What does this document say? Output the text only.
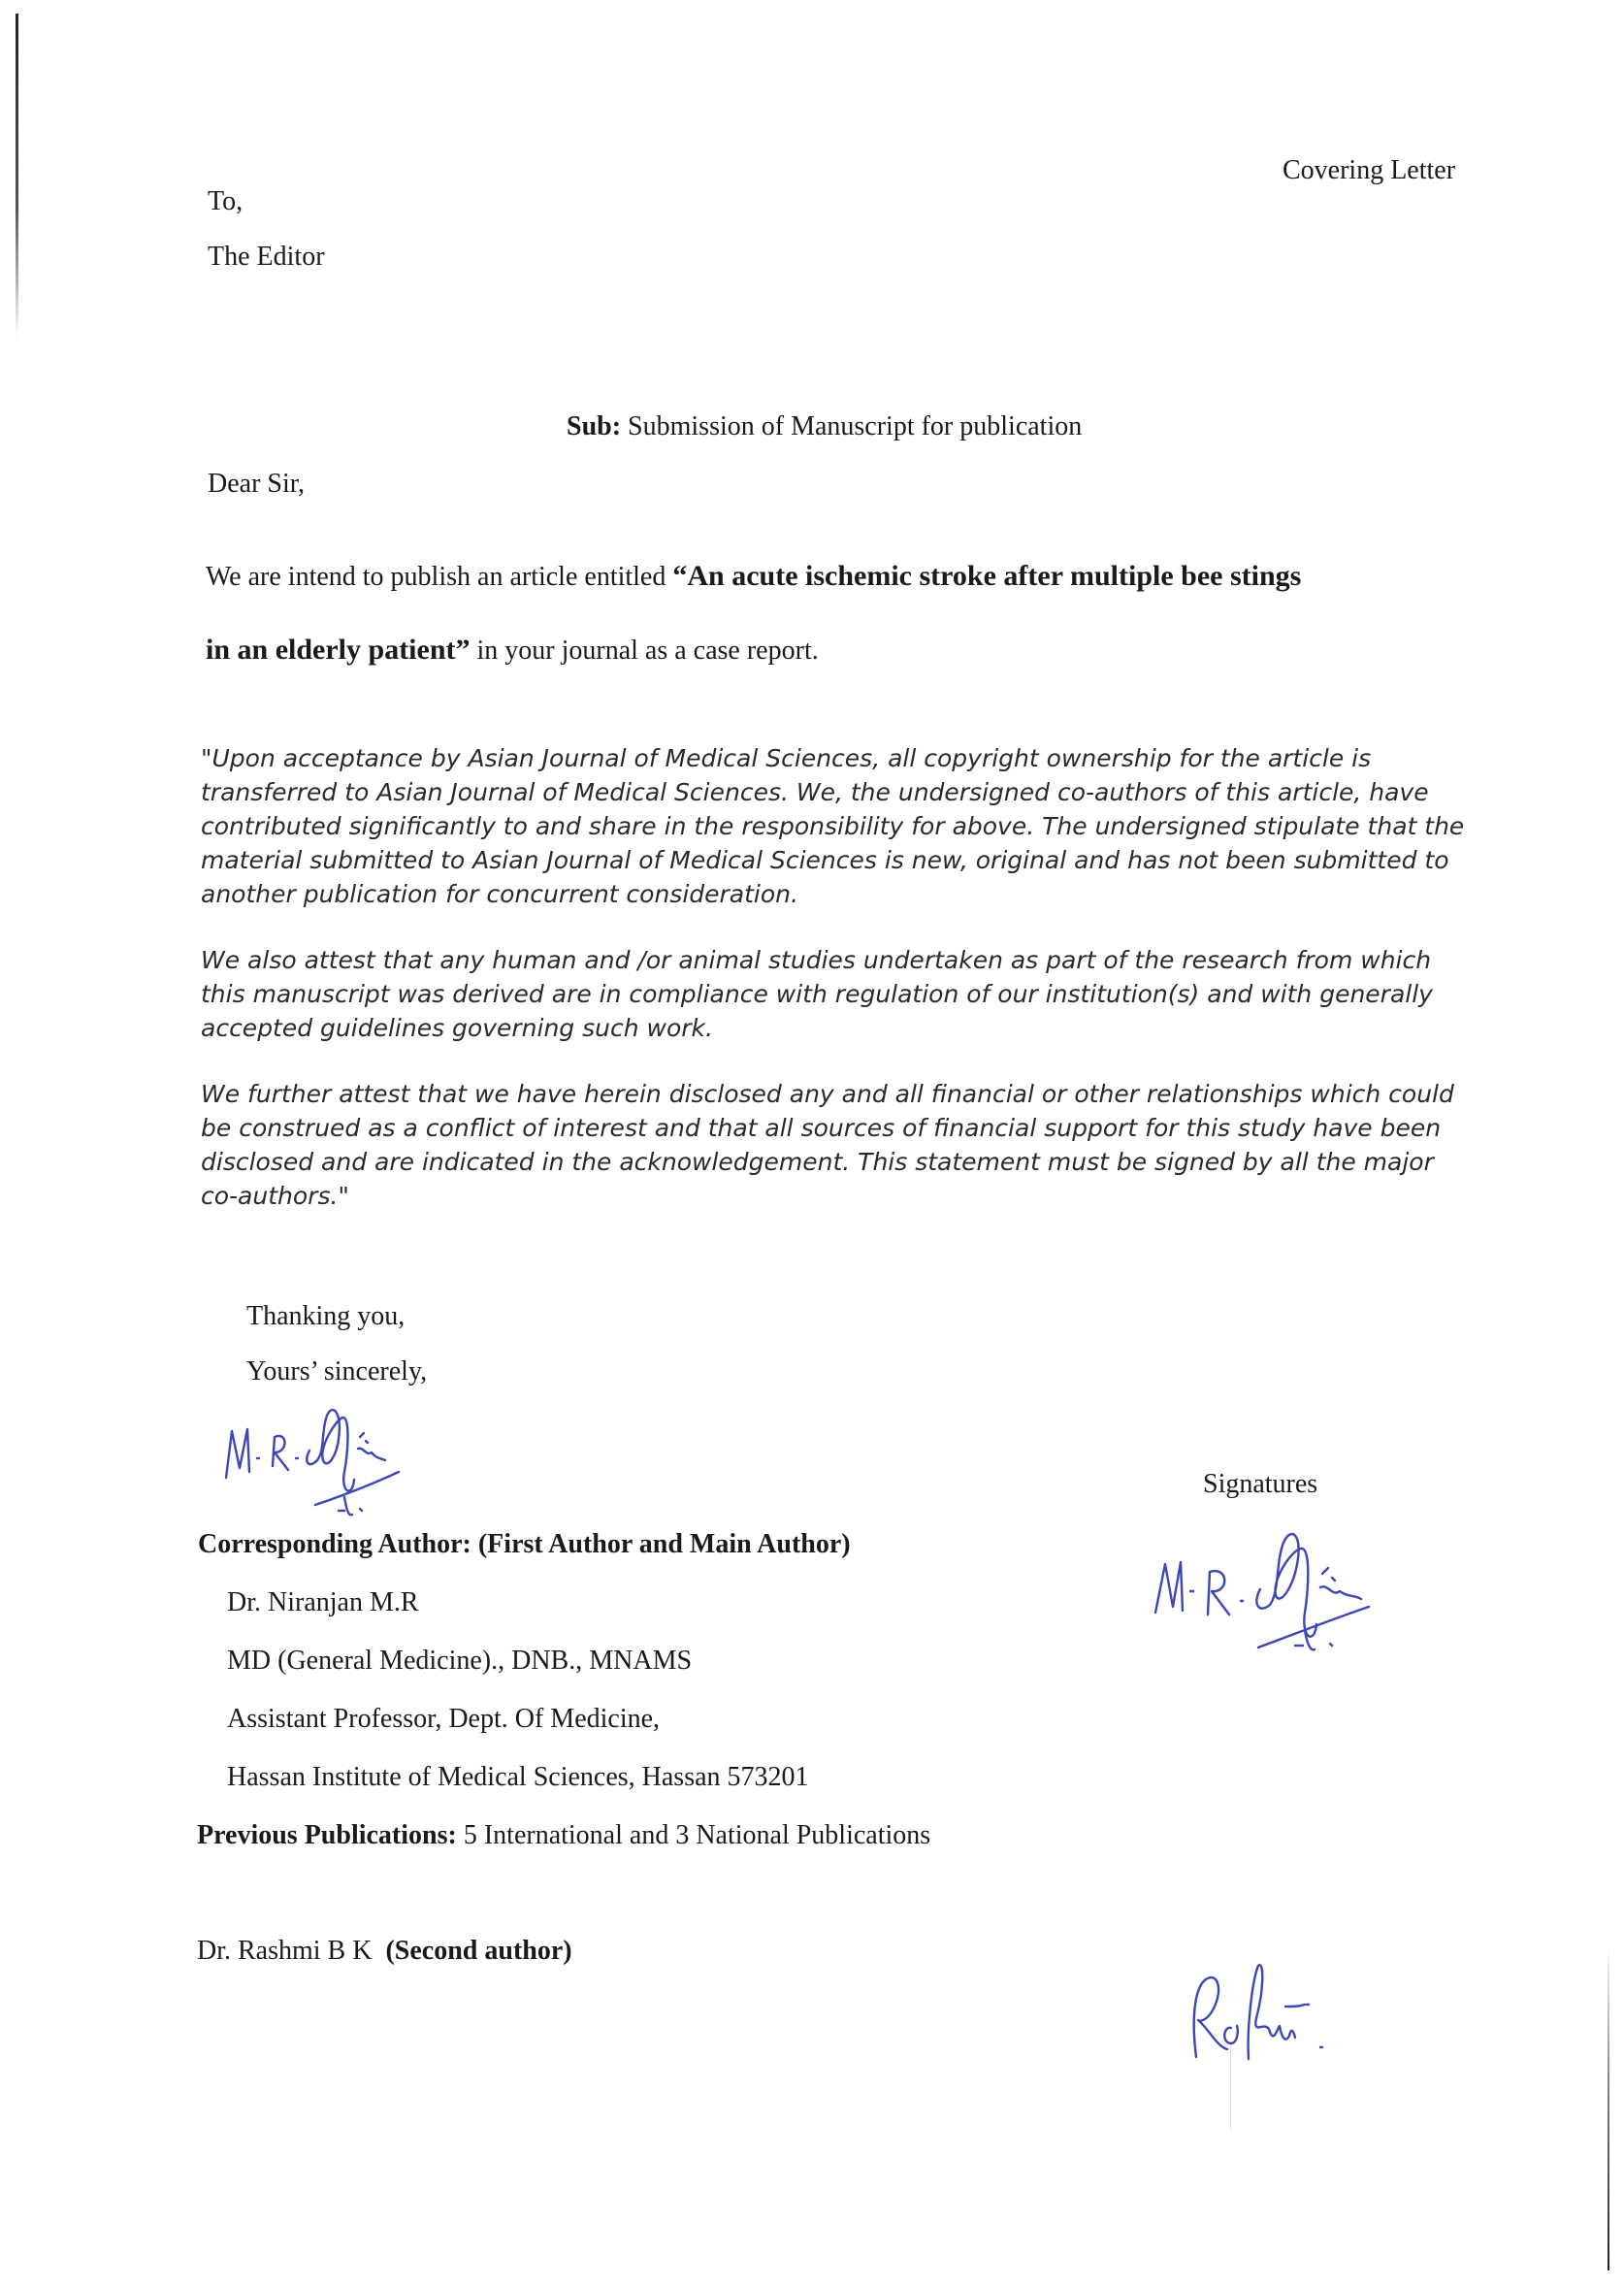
Covering Letter
To,
The Editor
Sub: Submission of Manuscript for publication
Dear Sir,
We are intend to publish an article entitled “An acute ischemic stroke after multiple bee stings
in an elderly patient” in your journal as a case report.
"Upon acceptance by Asian Journal of Medical Sciences, all copyright ownership for the article is transferred to Asian Journal of Medical Sciences. We, the undersigned co-authors of this article, have contributed significantly to and share in the responsibility for above. The undersigned stipulate that the material submitted to Asian Journal of Medical Sciences is new, original and has not been submitted to another publication for concurrent consideration.
We also attest that any human and /or animal studies undertaken as part of the research from which this manuscript was derived are in compliance with regulation of our institution(s) and with generally accepted guidelines governing such work.
We further attest that we have herein disclosed any and all financial or other relationships which could be construed as a conflict of interest and that all sources of financial support for this study have been disclosed and are indicated in the acknowledgement. This statement must be signed by all the major co-authors."
Thanking you,
Yours’ sincerely,
Signatures
Corresponding Author: (First Author and Main Author)
Dr. Niranjan M.R
MD (General Medicine)., DNB., MNAMS
Assistant Professor, Dept. Of Medicine,
Hassan Institute of Medical Sciences, Hassan 573201
Previous Publications: 5 International and 3 National Publications
Dr. Rashmi B K  (Second author)
